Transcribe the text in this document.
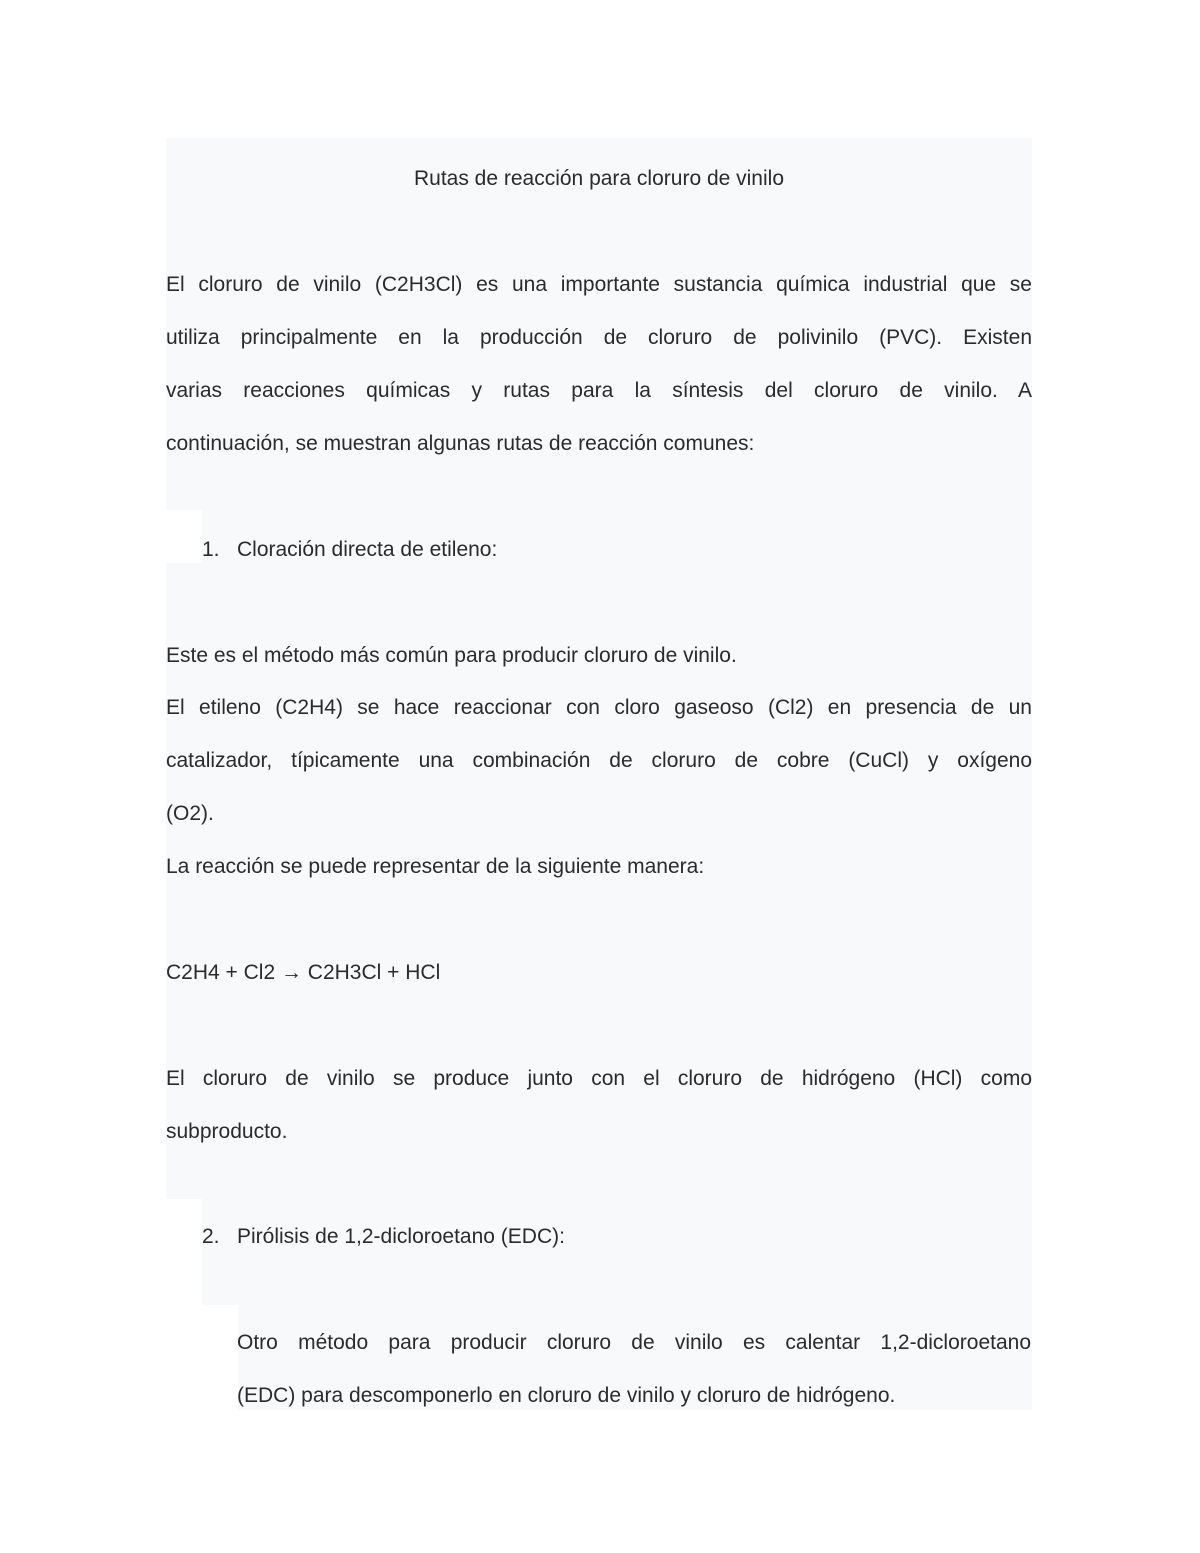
Rutas de reacción para cloruro de vinilo

El cloruro de vinilo (C2H3Cl) es una importante sustancia química industrial que se

utiliza principalmente en la producción de cloruro de polivinilo (PVC). Existen

varias reacciones químicas y rutas para la síntesis del cloruro de vinilo. A

continuación, se muestran algunas rutas de reacción comunes:

1. Cloración directa de etileno:

Este es el método más común para producir cloruro de vinilo.

El etileno (C2H4) se hace reaccionar con cloro gaseoso (Cl2) en presencia de un

catalizador, típicamente una combinación de cloruro de cobre (CuCl) y oxígeno

(O2).

La reacción se puede representar de la siguiente manera:

C2H4 + Cl2 → C2H3Cl + HCl

El cloruro de vinilo se produce junto con el cloruro de hidrógeno (HCl) como

subproducto.

2. Pirólisis de 1,2-dicloroetano (EDC):

Otro método para producir cloruro de vinilo es calentar 1,2-dicloroetano

(EDC) para descomponerlo en cloruro de vinilo y cloruro de hidrógeno.
